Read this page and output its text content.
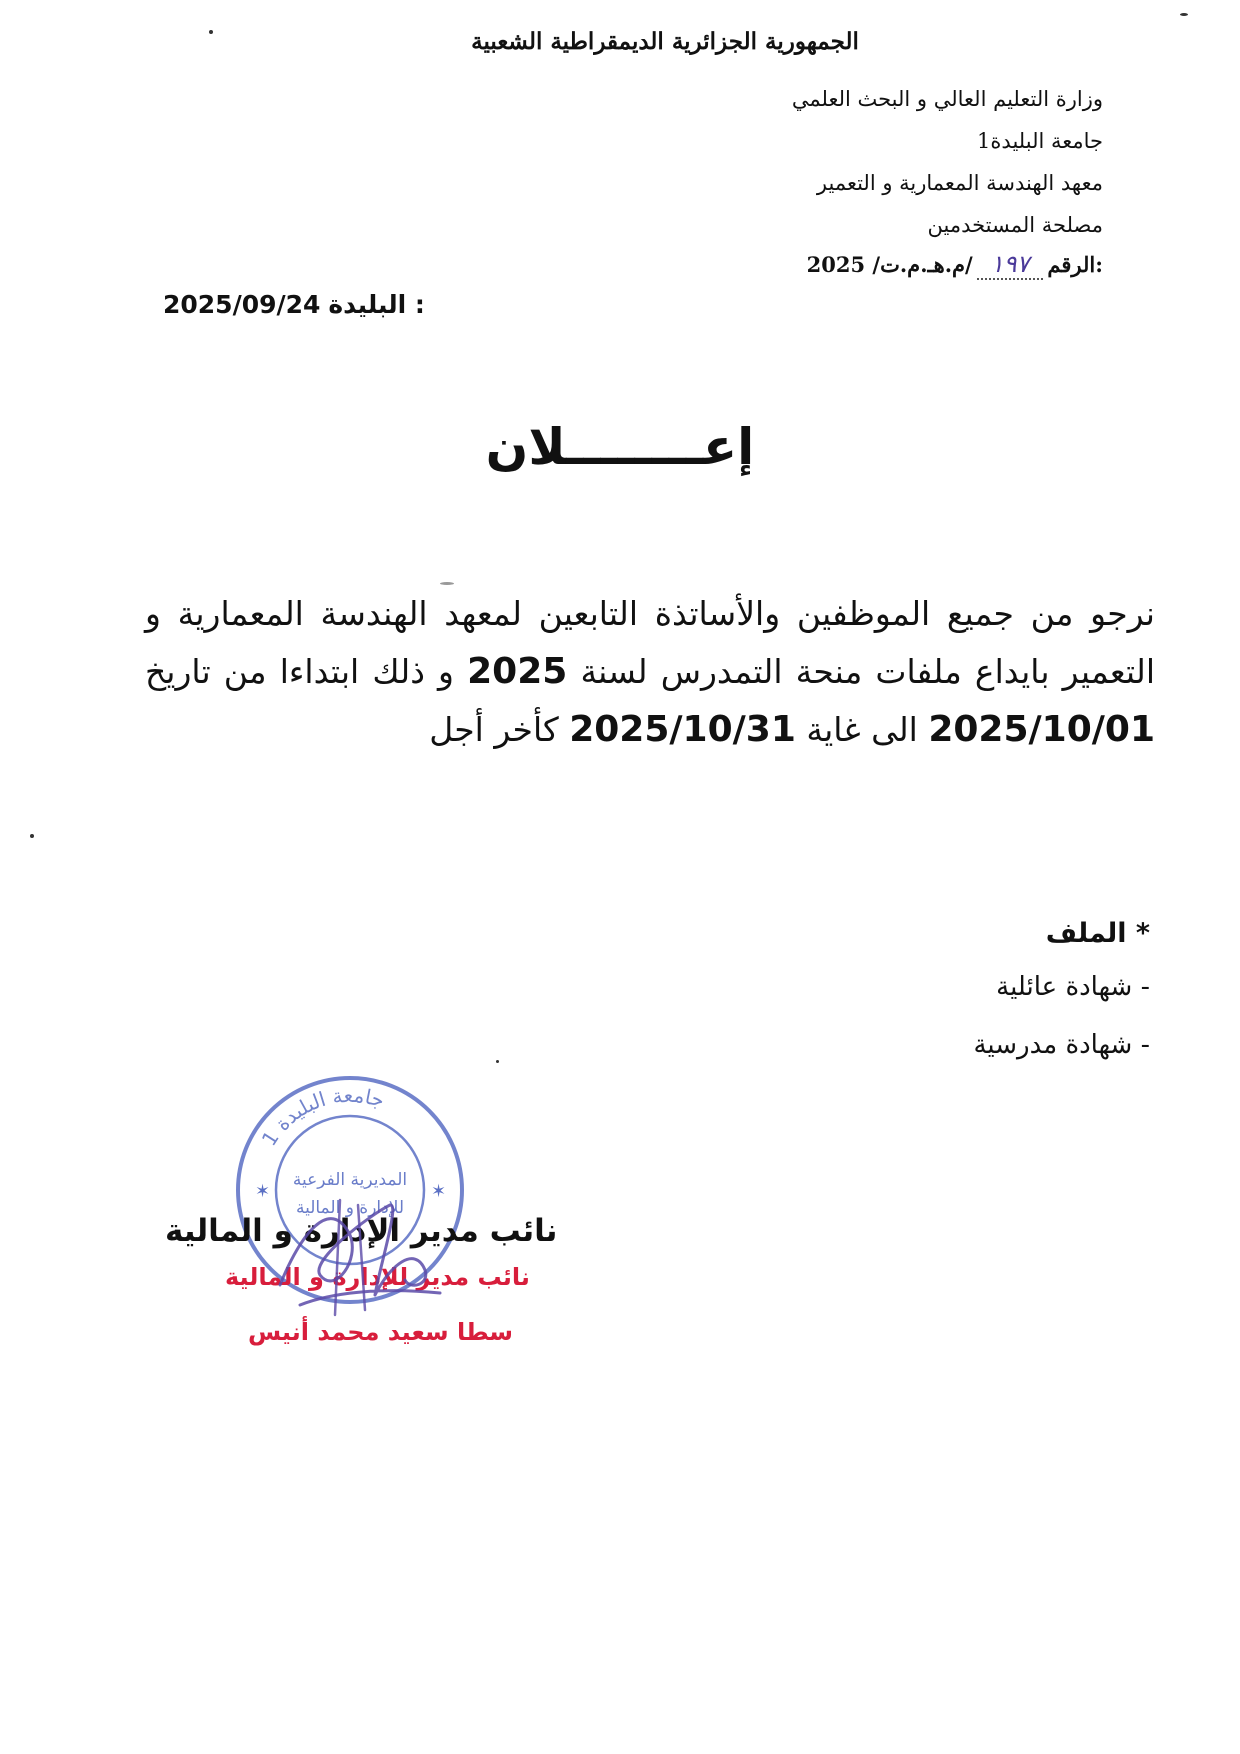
الجمهورية الجزائرية الديمقراطية الشعبية
وزارة التعليم العالي و البحث العلمي
جامعة البليدة1
معهد الهندسة المعمارية و التعمير
مصلحة المستخدمين
الرقم:
١٩٧
/م.هـ.م.ت/ 2025
البليدة :
2025/09/24
إعــــــــلان
نرجو من جميع الموظفين والأساتذة التابعين لمعهد الهندسة المعمارية و التعمير بايداع ملفات منحة التمدرس لسنة 2025 و ذلك ابتداءا من تاريخ 2025/10/01 الى غاية 2025/10/31 كأخر أجل
* الملف
- شهادة عائلية
- شهادة مدرسية
جامعة البليدة 1
✶	✶
المديرية الفرعية
للإدارة و المالية
نائب مدير الإدارة و المالية
نائب مدير للإدارة و المالية
سطا سعيد محمد أنيس
